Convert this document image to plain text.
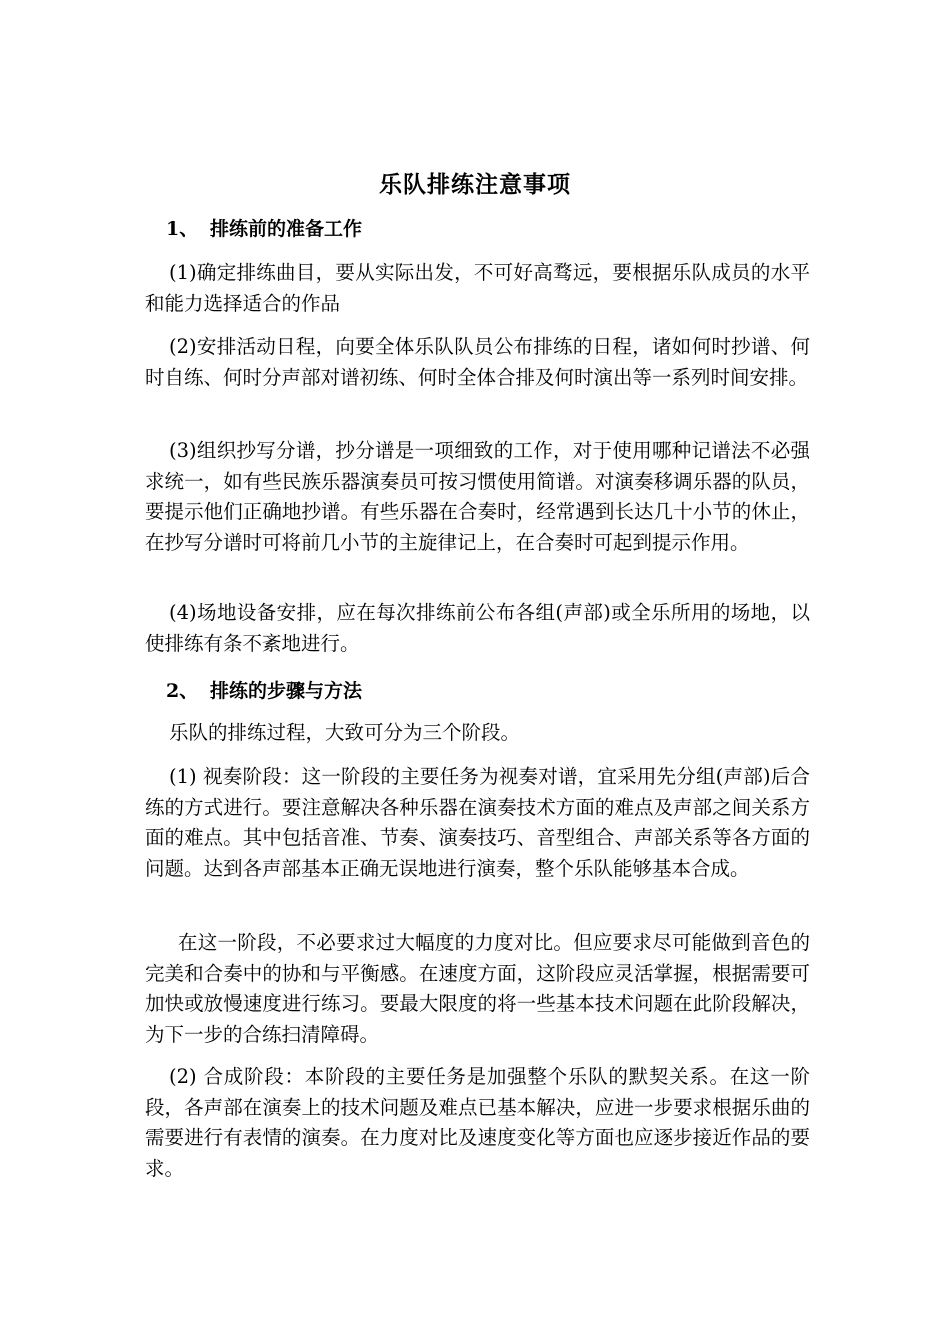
乐队排练注意事项
1、 排练前的准备工作

(1)确定排练曲目，要从实际出发，不可好高骛远，要根据乐队成员的水平和能力选择适合的作品

(2)安排活动日程，向要全体乐队队员公布排练的日程，诸如何时抄谱、何时自练、何时分声部对谱初练、何时全体合排及何时演出等一系列时间安排。

(3)组织抄写分谱，抄分谱是一项细致的工作，对于使用哪种记谱法不必强求统一，如有些民族乐器演奏员可按习惯使用简谱。对演奏移调乐器的队员，要提示他们正确地抄谱。有些乐器在合奏时，经常遇到长达几十小节的休止，在抄写分谱时可将前几小节的主旋律记上，在合奏时可起到提示作用。

(4)场地设备安排，应在每次排练前公布各组(声部)或全乐所用的场地，以使排练有条不紊地进行。

2、 排练的步骤与方法

乐队的排练过程，大致可分为三个阶段。

(1) 视奏阶段：这一阶段的主要任务为视奏对谱，宜采用先分组(声部)后合练的方式进行。要注意解决各种乐器在演奏技术方面的难点及声部之间关系方面的难点。其中包括音准、节奏、演奏技巧、音型组合、声部关系等各方面的问题。达到各声部基本正确无误地进行演奏，整个乐队能够基本合成。

在这一阶段，不必要求过大幅度的力度对比。但应要求尽可能做到音色的完美和合奏中的协和与平衡感。在速度方面，这阶段应灵活掌握，根据需要可加快或放慢速度进行练习。要最大限度的将一些基本技术问题在此阶段解决，为下一步的合练扫清障碍。

(2) 合成阶段：本阶段的主要任务是加强整个乐队的默契关系。在这一阶段，各声部在演奏上的技术问题及难点已基本解决，应进一步要求根据乐曲的需要进行有表情的演奏。在力度对比及速度变化等方面也应逐步接近作品的要求。
